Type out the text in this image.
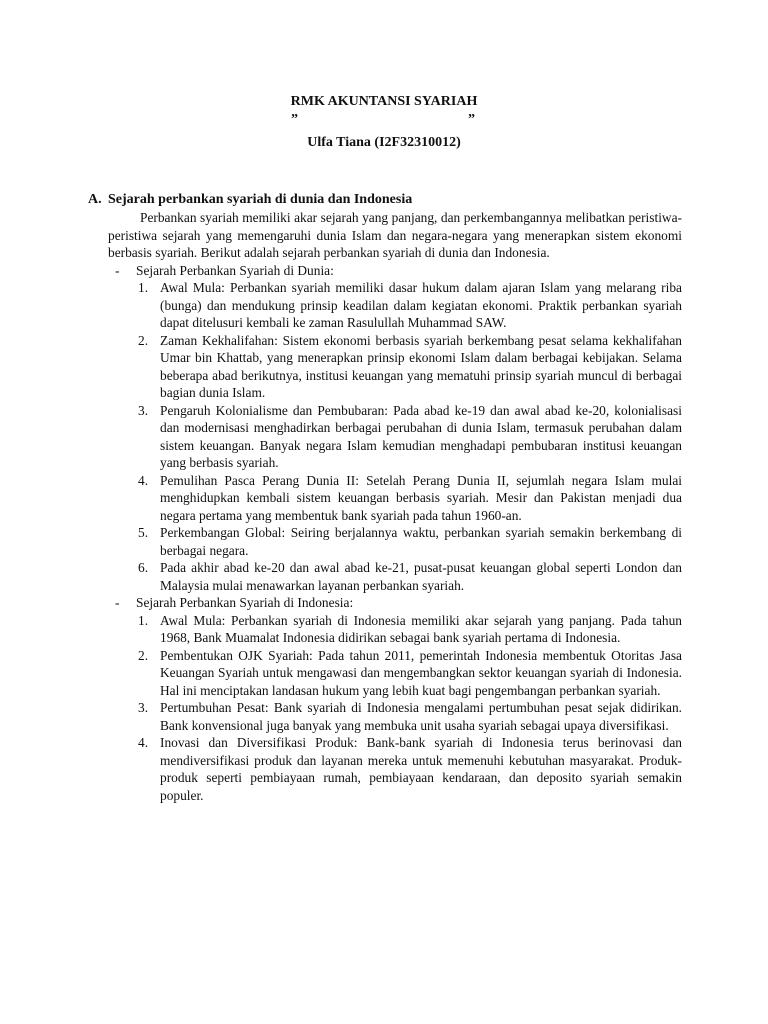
RMK AKUNTANSI SYARIAH
”	”
Ulfa Tiana (I2F32310012)
A. Sejarah perbankan syariah di dunia dan Indonesia

Perbankan syariah memiliki akar sejarah yang panjang, dan perkembangannya melibatkan peristiwa-peristiwa sejarah yang memengaruhi dunia Islam dan negara-negara yang menerapkan sistem ekonomi berbasis syariah. Berikut adalah sejarah perbankan syariah di dunia dan Indonesia.

- Sejarah Perbankan Syariah di Dunia:
1. Awal Mula: Perbankan syariah memiliki dasar hukum dalam ajaran Islam yang melarang riba (bunga) dan mendukung prinsip keadilan dalam kegiatan ekonomi. Praktik perbankan syariah dapat ditelusuri kembali ke zaman Rasulullah Muhammad SAW.
2. Zaman Kekhalifahan: Sistem ekonomi berbasis syariah berkembang pesat selama kekhalifahan Umar bin Khattab, yang menerapkan prinsip ekonomi Islam dalam berbagai kebijakan. Selama beberapa abad berikutnya, institusi keuangan yang mematuhi prinsip syariah muncul di berbagai bagian dunia Islam.
3. Pengaruh Kolonialisme dan Pembubaran: Pada abad ke-19 dan awal abad ke-20, kolonialisasi dan modernisasi menghadirkan berbagai perubahan di dunia Islam, termasuk perubahan dalam sistem keuangan. Banyak negara Islam kemudian menghadapi pembubaran institusi keuangan yang berbasis syariah.
4. Pemulihan Pasca Perang Dunia II: Setelah Perang Dunia II, sejumlah negara Islam mulai menghidupkan kembali sistem keuangan berbasis syariah. Mesir dan Pakistan menjadi dua negara pertama yang membentuk bank syariah pada tahun 1960-an.
5. Perkembangan Global: Seiring berjalannya waktu, perbankan syariah semakin berkembang di berbagai negara.
6. Pada akhir abad ke-20 dan awal abad ke-21, pusat-pusat keuangan global seperti London dan Malaysia mulai menawarkan layanan perbankan syariah.
- Sejarah Perbankan Syariah di Indonesia:
1. Awal Mula: Perbankan syariah di Indonesia memiliki akar sejarah yang panjang. Pada tahun 1968, Bank Muamalat Indonesia didirikan sebagai bank syariah pertama di Indonesia.
2. Pembentukan OJK Syariah: Pada tahun 2011, pemerintah Indonesia membentuk Otoritas Jasa Keuangan Syariah untuk mengawasi dan mengembangkan sektor keuangan syariah di Indonesia. Hal ini menciptakan landasan hukum yang lebih kuat bagi pengembangan perbankan syariah.
3. Pertumbuhan Pesat: Bank syariah di Indonesia mengalami pertumbuhan pesat sejak didirikan. Bank konvensional juga banyak yang membuka unit usaha syariah sebagai upaya diversifikasi.
4. Inovasi dan Diversifikasi Produk: Bank-bank syariah di Indonesia terus berinovasi dan mendiversifikasi produk dan layanan mereka untuk memenuhi kebutuhan masyarakat. Produk-produk seperti pembiayaan rumah, pembiayaan kendaraan, dan deposito syariah semakin populer.
